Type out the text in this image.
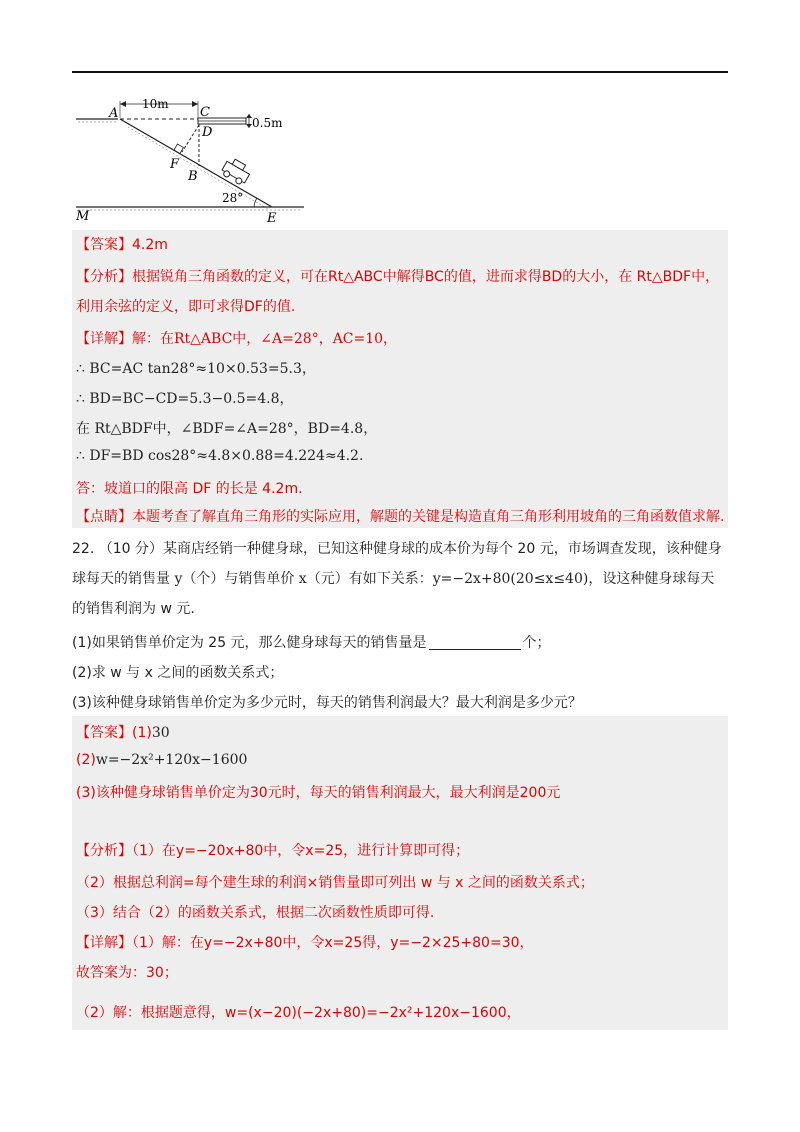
A	C
D
F
B
M	E
10m
0.5m
28°
【答案】4.2m
【分析】根据锐角三角函数的定义，可在Rt△ABC中解得BC的值，进而求得BD的大小，在 Rt△BDF中，
利用余弦的定义，即可求得DF的值.
【详解】解：在Rt△ABC中，∠A=28°，AC=10，
∴ BC=AC tan28°≈10×0.53=5.3，
∴ BD=BC−CD=5.3−0.5=4.8，
在 Rt△BDF中，∠BDF=∠A=28°，BD=4.8，
∴ DF=BD cos28°≈4.8×0.88=4.224≈4.2.
答：坡道口的限高 DF 的长是 4.2m.
【点睛】本题考查了解直角三角形的实际应用，解题的关键是构造直角三角形利用坡角的三角函数值求解.
22. （10 分）某商店经销一种健身球，已知这种健身球的成本价为每个 20 元，市场调查发现，该种健身
球每天的销售量 y（个）与销售单价 x（元）有如下关系：y=−2x+80(20≤x≤40)，设这种健身球每天
的销售利润为 w 元.
(1)如果销售单价定为 25 元，那么健身球每天的销售量是	个；
(2)求 w 与 x 之间的函数关系式；
(3)该种健身球销售单价定为多少元时，每天的销售利润最大？最大利润是多少元？
【答案】(1)30
(2)w=−2x²+120x−1600
(3)该种健身球销售单价定为30元时，每天的销售利润最大，最大利润是200元
【分析】（1）在y=−20x+80中，令x=25，进行计算即可得；
（2）根据总利润=每个建生球的利润×销售量即可列出 w 与 x 之间的函数关系式；
（3）结合（2）的函数关系式，根据二次函数性质即可得.
【详解】（1）解：在y=−2x+80中，令x=25得，y=−2×25+80=30，
故答案为：30；
（2）解：根据题意得，w=(x−20)(−2x+80)=−2x²+120x−1600，
